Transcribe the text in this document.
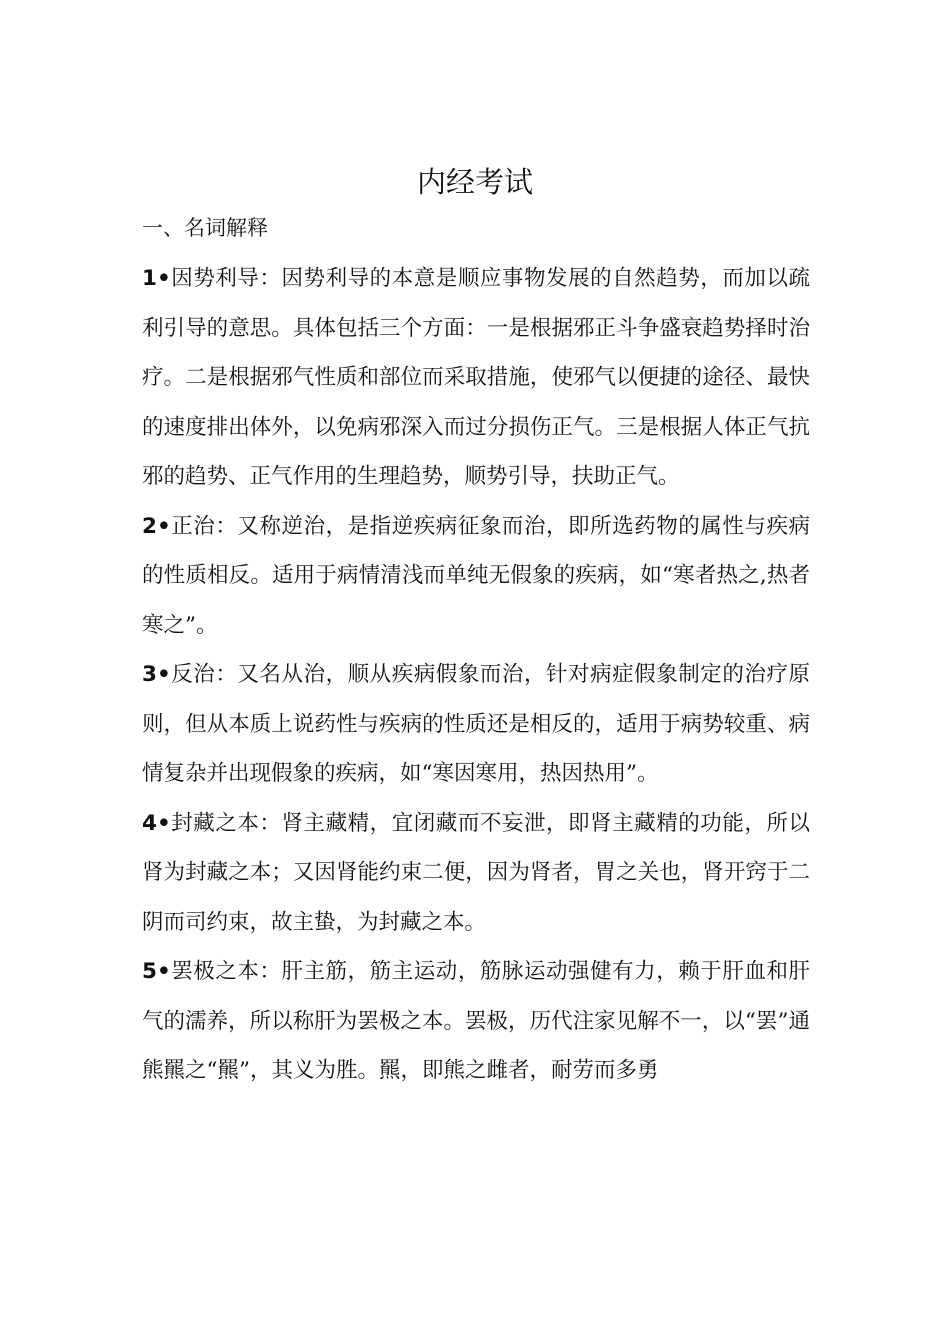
内经考试
一、名词解释

1•因势利导：因势利导的本意是顺应事物发展的自然趋势，而加以疏利引导的意思。具体包括三个方面：一是根据邪正斗争盛衰趋势择时治疗。二是根据邪气性质和部位而采取措施，使邪气以便捷的途径、最快的速度排出体外，以免病邪深入而过分损伤正气。三是根据人体正气抗邪的趋势、正气作用的生理趋势，顺势引导，扶助正气。

2•正治：又称逆治，是指逆疾病征象而治，即所选药物的属性与疾病的性质相反。适用于病情清浅而单纯无假象的疾病，如“寒者热之,热者寒之”。

3•反治：又名从治，顺从疾病假象而治，针对病症假象制定的治疗原则，但从本质上说药性与疾病的性质还是相反的，适用于病势较重、病情复杂并出现假象的疾病，如“寒因寒用，热因热用”。

4•封藏之本：肾主藏精，宜闭藏而不妄泄，即肾主藏精的功能，所以肾为封藏之本；又因肾能约束二便，因为肾者，胃之关也，肾开窍于二阴而司约束，故主蛰，为封藏之本。

5•罢极之本：肝主筋，筋主运动，筋脉运动强健有力，赖于肝血和肝气的濡养，所以称肝为罢极之本。罢极，历代注家见解不一，以“罢”通熊羆之“羆”，其义为胜。羆，即熊之雌者，耐劳而多勇
